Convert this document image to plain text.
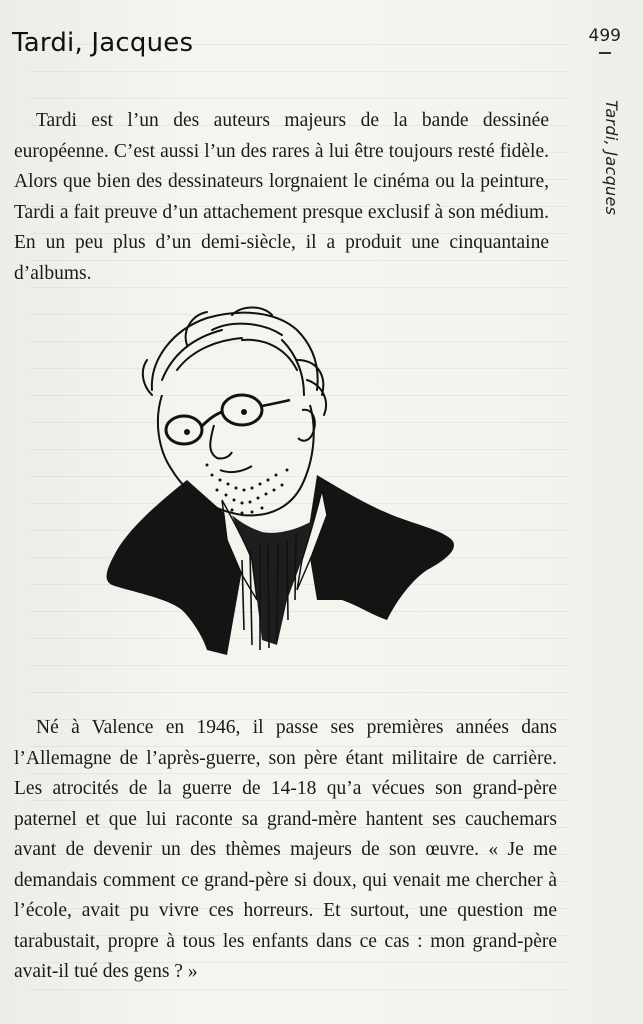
Tardi, Jacques	499
Tardi, Jacques

Tardi est l’un des auteurs majeurs de la bande dessinée européenne. C’est aussi l’un des rares à lui être toujours resté fidèle. Alors que bien des dessinateurs lorgnaient le cinéma ou la peinture, Tardi a fait preuve d’un attachement presque exclusif à son médium. En un peu plus d’un demi-siècle, il a produit une cinquantaine d’albums.

Né à Valence en 1946, il passe ses premières années dans l’Allemagne de l’après-guerre, son père étant militaire de carrière. Les atrocités de la guerre de 14-18 qu’a vécues son grand-père paternel et que lui raconte sa grand-mère hantent ses cauchemars avant de devenir un des thèmes majeurs de son œuvre. « Je me demandais comment ce grand-père si doux, qui venait me chercher à l’école, avait pu vivre ces horreurs. Et surtout, une question me tarabustait, propre à tous les enfants dans ce cas : mon grand-père avait-il tué des gens ? »
